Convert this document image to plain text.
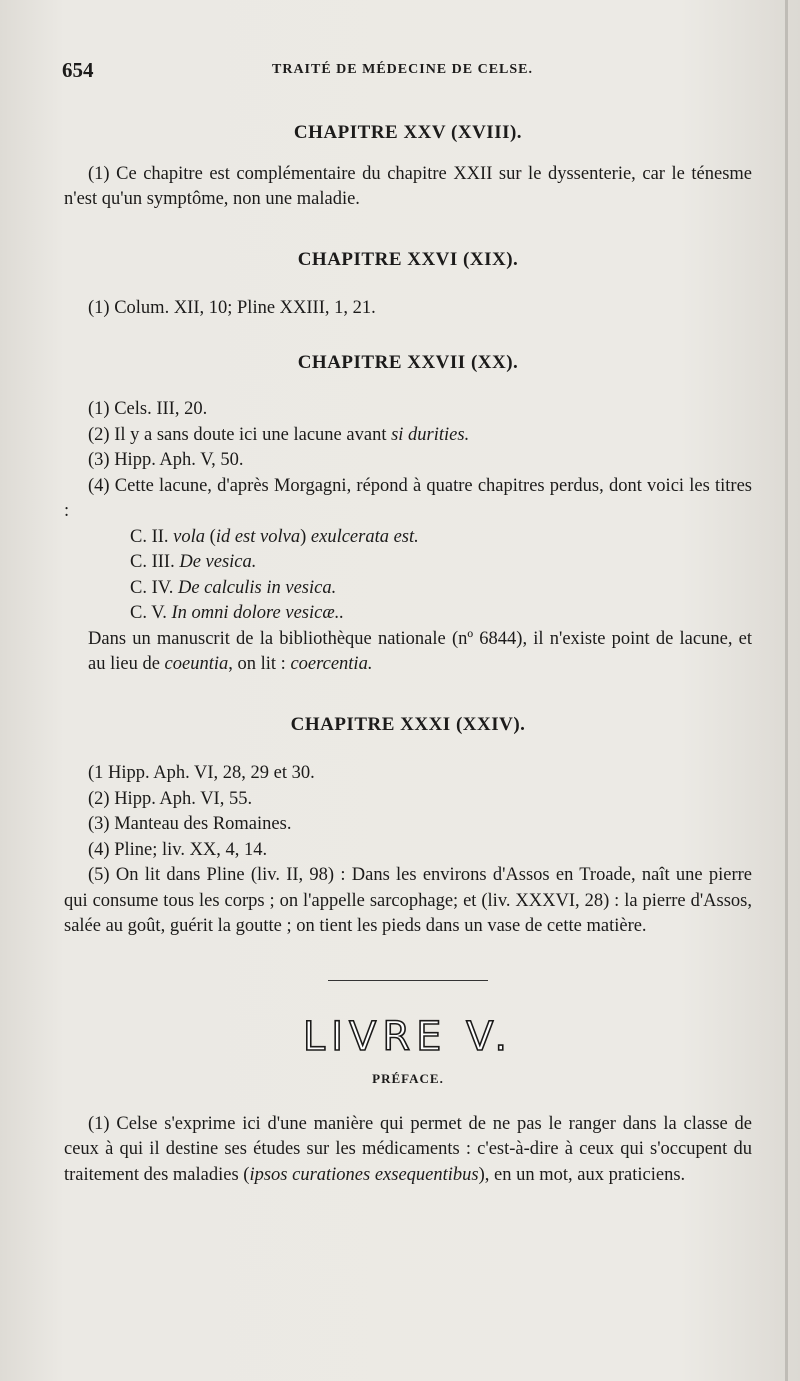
654	TRAITÉ DE MÉDECINE DE CELSE.
CHAPITRE XXV (XVIII).

(1) Ce chapitre est complémentaire du chapitre XXII sur le dyssenterie, car le ténesme n'est qu'un symptôme, non une maladie.

CHAPITRE XXVI (XIX).

(1) Colum. XII, 10; Pline XXIII, 1, 21.

CHAPITRE XXVII (XX).

(1) Cels. III, 20.

(2) Il y a sans doute ici une lacune avant si durities.

(3) Hipp. Aph. V, 50.

(4) Cette lacune, d'après Morgagni, répond à quatre chapitres perdus, dont voici les titres :

C. II. vola (id est volva) exulcerata est.

C. III. De vesica.

C. IV. De calculis in vesica.

C. V. In omni dolore vesicæ..

Dans un manuscrit de la bibliothèque nationale (nº 6844), il n'existe point de lacune, et au lieu de coeuntia, on lit : coercentia.

CHAPITRE XXXI (XXIV).

(1 Hipp. Aph. VI, 28, 29 et 30.

(2) Hipp. Aph. VI, 55.

(3) Manteau des Romaines.

(4) Pline; liv. XX, 4, 14.

(5) On lit dans Pline (liv. II, 98) : Dans les environs d'Assos en Troade, naît une pierre qui consume tous les corps ; on l'appelle sarcophage; et (liv. XXXVI, 28) : la pierre d'Assos, salée au goût, guérit la goutte ; on tient les pieds dans un vase de cette matière.

LIVRE V.
PRÉFACE.

(1) Celse s'exprime ici d'une manière qui permet de ne pas le ranger dans la classe de ceux à qui il destine ses études sur les médicaments : c'est-à-dire à ceux qui s'occupent du traitement des maladies (ipsos curationes exsequentibus), en un mot, aux praticiens.
